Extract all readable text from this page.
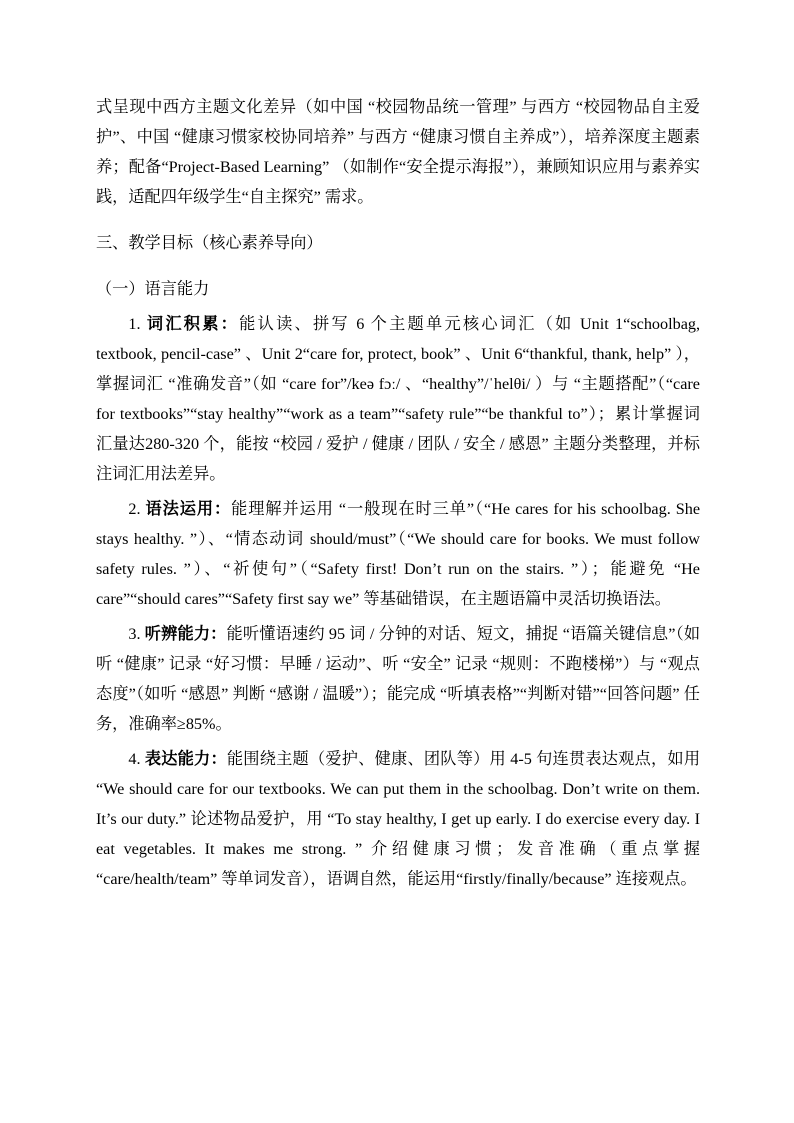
式呈现中西方主题文化差异（如中国 “校园物品统一管理” 与西方 “校园物品自主爱护”、中国 “健康习惯家校协同培养” 与西方 “健康习惯自主养成”），培养深度主题素养；配备“Project-Based Learning” （如制作“安全提示海报”），兼顾知识应用与素养实践，适配四年级学生“自主探究” 需求。

三、教学目标（核心素养导向）

（一）语言能力

1. 词汇积累：能认读、拼写 6 个主题单元核心词汇（如 Unit 1“schoolbag, textbook, pencil-case” 、Unit 2“care for, protect, book” 、Unit 6“thankful, thank, help” ），掌握词汇 “准确发音”（如 “care for”/keə fɔː/ 、“healthy”/ˈhelθi/ ）与 “主题搭配”（“care for textbooks”“stay healthy”“work as a team”“safety rule”“be thankful to”）；累计掌握词汇量达280-320 个，能按 “校园 / 爱护 / 健康 / 团队 / 安全 / 感恩” 主题分类整理，并标注词汇用法差异。

2. 语法运用：能理解并运用 “一般现在时三单”（“He cares for his schoolbag. She stays healthy. ”）、“情态动词 should/must”（“We should care for books. We must follow safety rules. ”）、“祈使句”（“Safety first! Don’t run on the stairs. ”）；能避免 “He care”“should cares”“Safety first say we” 等基础错误，在主题语篇中灵活切换语法。

3. 听辨能力：能听懂语速约 95 词 / 分钟的对话、短文，捕捉 “语篇关键信息”（如听 “健康” 记录 “好习惯：早睡 / 运动”、听 “安全” 记录 “规则：不跑楼梯”）与 “观点态度”（如听 “感恩” 判断 “感谢 / 温暖”）；能完成 “听填表格”“判断对错”“回答问题” 任务，准确率≥85%。

4. 表达能力：能围绕主题（爱护、健康、团队等）用 4-5 句连贯表达观点，如用 “We should care for our textbooks. We can put them in the schoolbag. Don’t write on them. It’s our duty.” 论述物品爱护，用 “To stay healthy, I get up early. I do exercise every day. I eat vegetables. It makes me strong. ” 介绍健康习惯；发音准确（重点掌握 “care/health/team” 等单词发音），语调自然，能运用“firstly/finally/because” 连接观点。
